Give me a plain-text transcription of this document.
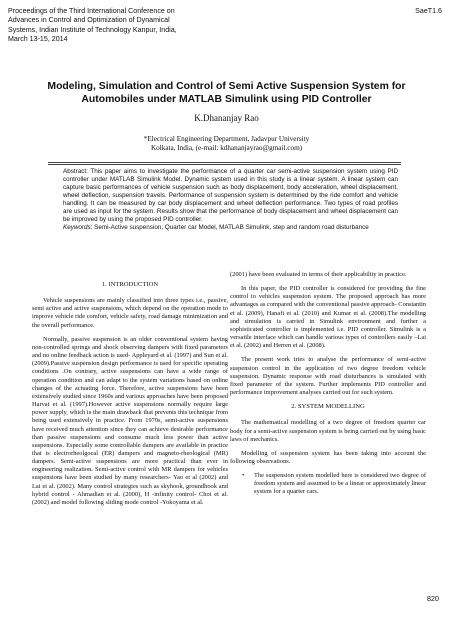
Proceedings of the Third International Conference on
Advances in Control and Optimization of Dynamical
Systems, Indian Institute of Technology Kanpur, India,
March 13-15, 2014
SaeT1.6
Modeling, Simulation and Control of Semi Active Suspension System for
Automobiles under MATLAB Simulink using PID Controller
K.Dhananjay Rao
*Electrical Engineering Department, Jadavpur University
Kolkata, India, (e-mail: kdhananjayrao@gmail.com)

Abstract: This paper aims to investigate the performance of a quarter car semi-active suspension system using PID controller under MATLAB Simulink Model. Dynamic system used in this study is a linear system. A linear system can capture basic performances of vehicle suspension such as body displacement, body acceleration, wheel displacement, wheel deflection, suspension travels. Performance of suspension system is determined by the ride comfort and vehicle handling. It can be measured by car body displacement and wheel deflection performance. Two types of road profiles are used as input for the system. Results show that the performance of body displacement and wheel displacement can be improved by using the proposed PID controller.

Keywords: Semi-Active suspension, Quarter car Model, MATLAB Simulink, step and random road disturbance

1. INTRODUCTION

Vehicle suspensions are mainly classified into three types i.e., passive, semi active and active suspensions, which depend on the operation mode to improve vehicle ride comfort, vehicle safety, road damage minimization and the overall performance.

Normally, passive suspension is an older conventional system having non-controlled springs and shock observing dampers with fixed parameters and no online feedback action is used- Appleyard et al. (1997) and Sun et al. (2009).Passive suspension design performance is used for specific operating conditions .On contrary, active suspensions can have a wide range of operation condition and can adapt to the system variations based on online changes of the actuating force. Therefore, active suspensions have been extensively studied since 1960s and various approaches have been proposed Harvat et al. (1997).However active suspensions normally require large power supply, which is the main drawback that prevents this technique from being used extensively in practice. From 1970s, semi-active suspensions have received much attention since they can achieve desirable performance than passive suspensions and consume much less power than active suspensions. Especially some controllable dampers are available in practice that is electrorheolgocal (ER) dampers and magneto-rheological (MR) dampers. Semi-active suspensions are more practical than ever in engineering realization. Semi-active control with MR dampers for vehicles suspensions have been studied by many researchers- Yao et al (2002) and Lai et al. (2002). Many control strategies such as skyhook, groundhook and hybrid control - Ahmadian et al. (2000), H -infinity control- Choi et al. (2002) and model following sliding mode control -Yokoyama et al.

(2001) have been evaluated in terms of their applicability in practice.

In this paper, the PID controller is considered for providing the fine control to vehicles suspension system. The proposed approach has more advantages as compared with the conventional passive approach- Constantin et al. (2009), Hanafi et al. (2010) and Kumar et al. (2008).The modelling and simulation is carried in Simulink environment and further a sophisticated controller is implemented i.e. PID controller. Simulink is a versatile interface which can handle various types of controllers easily –Lai et al. (2002) and Herren et al. (2008).

The present work tries to analyse the performance of semi-active suspension control in the application of two degree freedom vehicle suspension. Dynamic response with road disturbances is simulated with fixed parameter of the system. Further implements PID controller and performance improvement analyses carried out for such system.

2. SYSTEM MODELLING

The mathematical modelling of a two degree of freedom quarter car body for a semi-active suspension system is being carried out by using basic laws of mechanics.

Modelling of suspension system has been taking into account the following observations.

• The suspension system modelled here is considered two degree of freedom system and assumed to be a linear or approximately linear system for a quarter cars.
820
